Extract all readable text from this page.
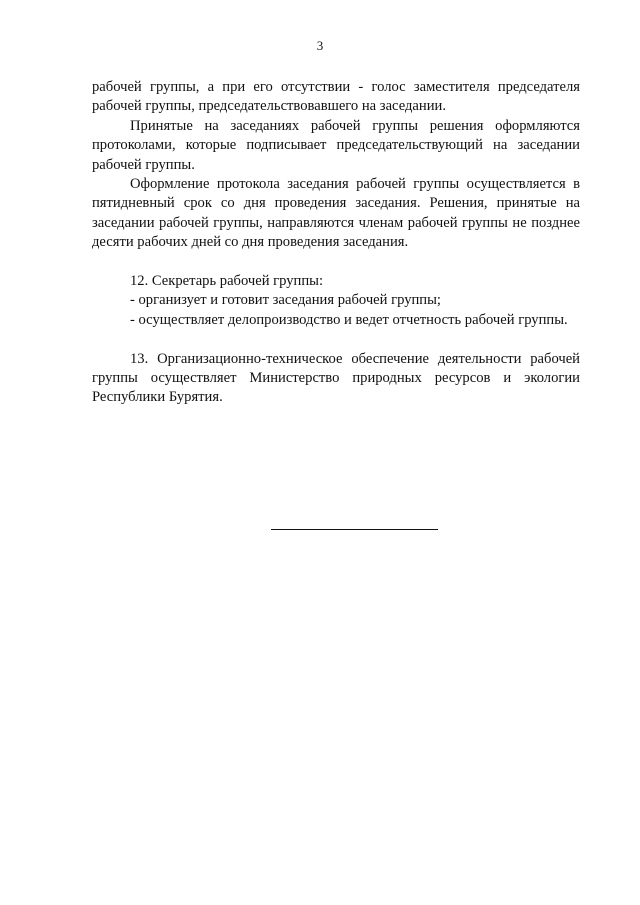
3

рабочей группы, а при его отсутствии - голос заместителя председателя рабочей группы, председательствовавшего на заседании.

Принятые на заседаниях рабочей группы решения оформляются протоколами, которые подписывает председательствующий на заседании рабочей группы.

Оформление протокола заседания рабочей группы осуществляется в пятидневный срок со дня проведения заседания. Решения, принятые на заседании рабочей группы, направляются членам рабочей группы не позднее десяти рабочих дней со дня проведения заседания.

12. Секретарь рабочей группы:

- организует и готовит заседания рабочей группы;

- осуществляет делопроизводство и ведет отчетность рабочей группы.

13. Организационно-техническое обеспечение деятельности рабочей группы осуществляет Министерство природных ресурсов и экологии Республики Бурятия.
